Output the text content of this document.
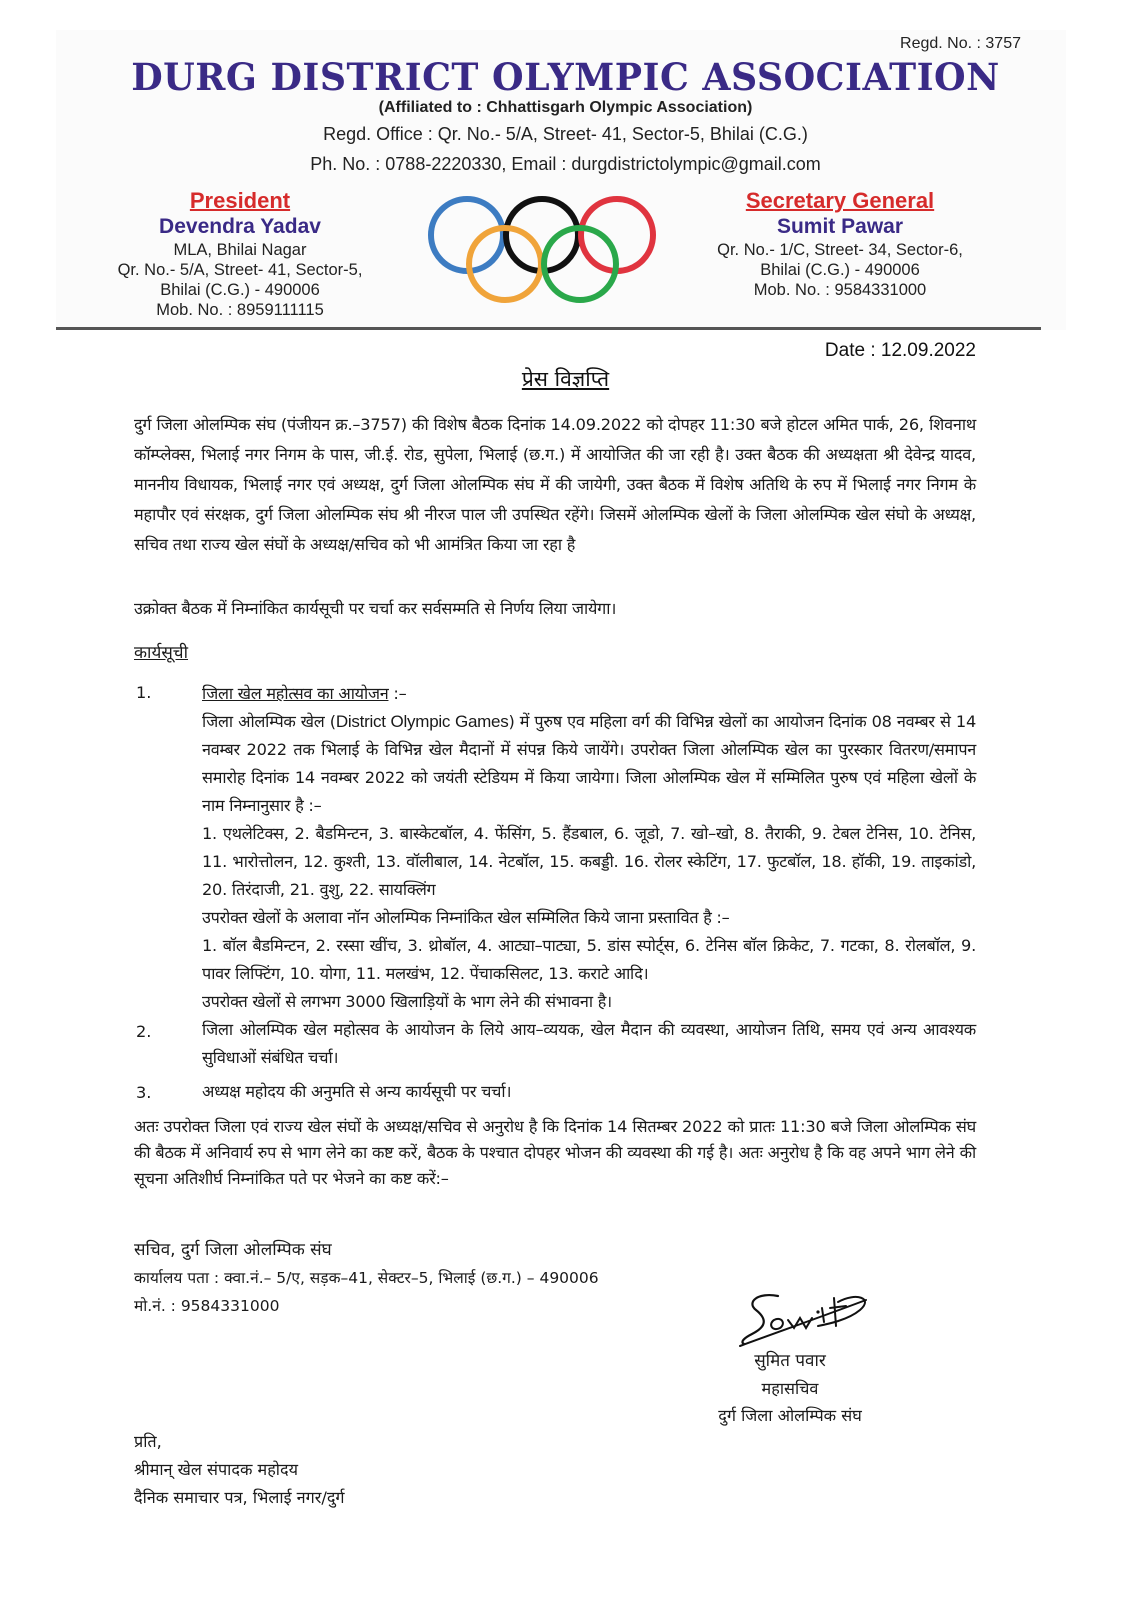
Regd. No. : 3757
DURG DISTRICT OLYMPIC ASSOCIATION
(Affiliated to : Chhattisgarh Olympic Association)
Regd. Office : Qr. No.- 5/A, Street- 41, Sector-5, Bhilai (C.G.)
Ph. No. : 0788-2220330, Email : durgdistrictolympic@gmail.com
President
Devendra Yadav
MLA, Bhilai Nagar
Qr. No.- 5/A, Street- 41, Sector-5,
Bhilai (C.G.) - 490006
Mob. No. : 8959111115
Secretary General
Sumit Pawar
Qr. No.- 1/C, Street- 34, Sector-6,
Bhilai (C.G.) - 490006
Mob. No. : 9584331000
Date : 12.09.2022
प्रेस विज्ञप्ति
दुर्ग जिला ओलम्पिक संघ (पंजीयन क्र.–3757) की विशेष बैठक दिनांक 14.09.2022 को दोपहर 11:30 बजे होटल अमित पार्क, 26, शिवनाथ कॉम्प्लेक्स, भिलाई नगर निगम के पास, जी.ई. रोड, सुपेला, भिलाई (छ.ग.) में आयोजित की जा रही है। उक्त बैठक की अध्यक्षता श्री देवेन्द्र यादव, माननीय विधायक, भिलाई नगर एवं अध्यक्ष, दुर्ग जिला ओलम्पिक संघ में की जायेगी, उक्त बैठक में विशेष अतिथि के रुप में भिलाई नगर निगम के महापौर एवं संरक्षक, दुर्ग जिला ओलम्पिक संघ श्री नीरज पाल जी उपस्थित रहेंगे। जिसमें ओलम्पिक खेलों के जिला ओलम्पिक खेल संघो के अध्यक्ष, सचिव तथा राज्य खेल संघों के अध्यक्ष/सचिव को भी आमंत्रित किया जा रहा है
उक्रोक्त बैठक में निम्नांकित कार्यसूची पर चर्चा कर सर्वसम्मति से निर्णय लिया जायेगा।
कार्यसूची
1.	जिला खेल महोत्सव का आयोजन :–
जिला ओलम्पिक खेल (District Olympic Games) में पुरुष एव महिला वर्ग की विभिन्न खेलों का आयोजन दिनांक 08 नवम्बर से 14 नवम्बर 2022 तक भिलाई के विभिन्न खेल मैदानों में संपन्न किये जायेंगे। उपरोक्त जिला ओलम्पिक खेल का पुरस्कार वितरण/समापन समारोह दिनांक 14 नवम्बर 2022 को जयंती स्टेडियम में किया जायेगा। जिला ओलम्पिक खेल में सम्मिलित पुरुष एवं महिला खेलों के नाम निम्नानुसार है :–
1. एथलेटिक्स, 2. बैडमिन्टन, 3. बास्केटबॉल, 4. फेंसिंग, 5. हैंडबाल, 6. जूडो, 7. खो–खो, 8. तैराकी, 9. टेबल टेनिस, 10. टेनिस, 11. भारोत्तोलन, 12. कुश्ती, 13. वॉलीबाल, 14. नेटबॉल, 15. कबड्डी. 16. रोलर स्केटिंग, 17. फुटबॉल, 18. हॉकी, 19. ताइकांडो, 20. तिरंदाजी, 21. वुशु, 22. सायक्लिंग
उपरोक्त खेलों के अलावा नॉन ओलम्पिक निम्नांकित खेल सम्मिलित किये जाना प्रस्तावित है :–
1. बॉल बैडमिन्टन, 2. रस्सा खींच, 3. थ्रोबॉल, 4. आट्या–पाट्या, 5. डांस स्पोर्ट्स, 6. टेनिस बॉल क्रिकेट, 7. गटका, 8. रोलबॉल, 9. पावर लिफ्टिंग, 10. योगा, 11. मलखंभ, 12. पेंचाकसिलट, 13. कराटे आदि।
उपरोक्त खेलों से लगभग 3000 खिलाड़ियों के भाग लेने की संभावना है।
2.	जिला ओलम्पिक खेल महोत्सव के आयोजन के लिये आय–व्ययक, खेल मैदान की व्यवस्था, आयोजन तिथि, समय एवं अन्य आवश्यक सुविधाओं संबंधित चर्चा।
3.	अध्यक्ष महोदय की अनुमति से अन्य कार्यसूची पर चर्चा।
अतः उपरोक्त जिला एवं राज्य खेल संघों के अध्यक्ष/सचिव से अनुरोध है कि दिनांक 14 सितम्बर 2022 को प्रातः 11:30 बजे जिला ओलम्पिक संघ की बैठक में अनिवार्य रुप से भाग लेने का कष्ट करें, बैठक के पश्चात दोपहर भोजन की व्यवस्था की गई है। अतः अनुरोध है कि वह अपने भाग लेने की सूचना अतिशीर्घ निम्नांकित पते पर भेजने का कष्ट करें:–
सचिव, दुर्ग जिला ओलम्पिक संघ
कार्यालय पता : क्वा.नं.– 5/ए, सड़क–41, सेक्टर–5, भिलाई (छ.ग.) – 490006
मो.नं. : 9584331000
सुमित पवार
महासचिव
दुर्ग जिला ओलम्पिक संघ
प्रति,
श्रीमान् खेल संपादक महोदय
दैनिक समाचार पत्र, भिलाई नगर/दुर्ग
